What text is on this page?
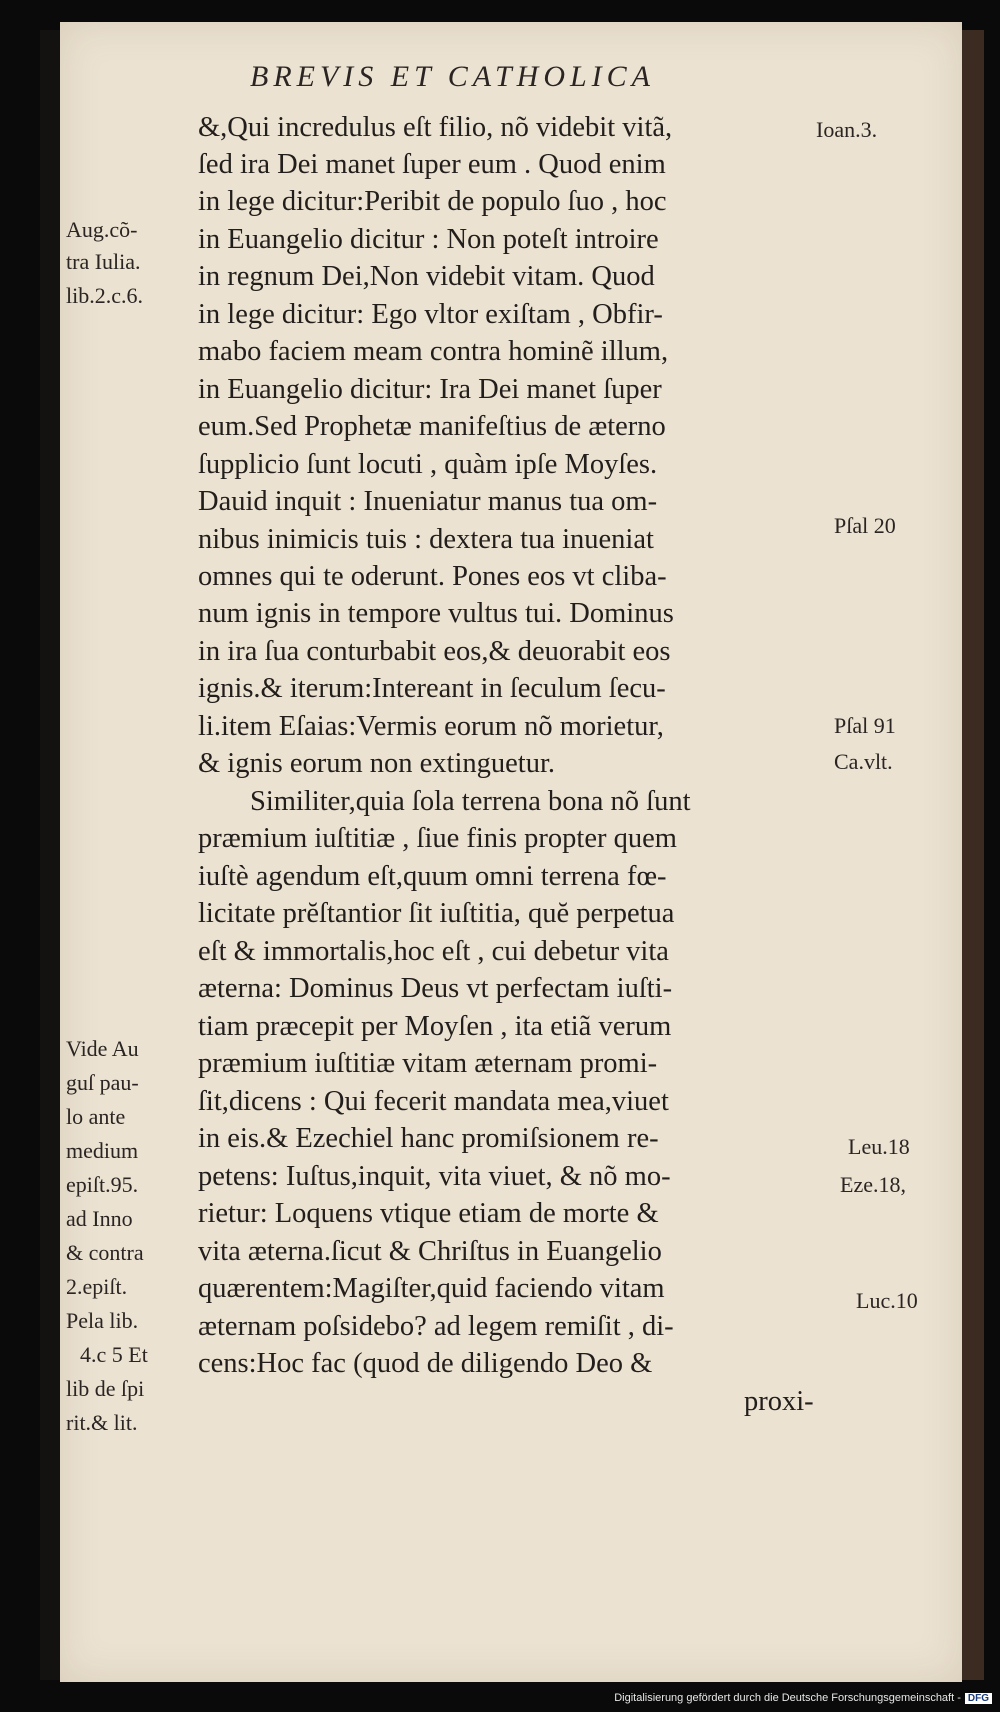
BREVIS ET CATHOLICA
&,Qui incredulus eſt filio, nõ videbit vitã,
ſed ira Dei manet ſuper eum . Quod enim
in lege dicitur:Peribit de populo ſuo , hoc
in Euangelio dicitur : Non poteſt introire
in regnum Dei,Non videbit vitam. Quod
in lege dicitur: Ego vltor exiſtam , Obfir-
mabo faciem meam contra hominẽ illum,
in Euangelio dicitur: Ira Dei manet ſuper
eum.Sed Prophetæ manifeſtius de æterno
ſupplicio ſunt locuti , quàm ipſe Moyſes.
Dauid inquit : Inueniatur manus tua om-
nibus inimicis tuis : dextera tua inueniat
omnes qui te oderunt. Pones eos vt cliba-
num ignis in tempore vultus tui. Dominus
in ira ſua conturbabit eos,& deuorabit eos
ignis.& iterum:Intereant in ſeculum ſecu-
li.item Eſaias:Vermis eorum nõ morietur,
& ignis eorum non extinguetur.
Similiter,quia ſola terrena bona nõ ſunt
præmium iuſtitiæ , ſiue finis propter quem
iuſtè agendum eſt,quum omni terrena fœ-
licitate prĕſtantior ſit iuſtitia, quĕ perpetua
eſt & immortalis,hoc eſt , cui debetur vita
æterna: Dominus Deus vt perfectam iuſti-
tiam præcepit per Moyſen , ita etiã verum
præmium iuſtitiæ vitam æternam promi-
ſit,dicens : Qui fecerit mandata mea,viuet
in eis.& Ezechiel hanc promiſsionem re-
petens: Iuſtus,inquit, vita viuet, & nõ mo-
rietur: Loquens vtique etiam de morte &
vita æterna.ſicut & Chriſtus in Euangelio
quærentem:Magiſter,quid faciendo vitam
æternam poſsidebo? ad legem remiſit , di-
cens:Hoc fac (quod de diligendo Deo &
proxi-
Aug.cõ-
tra Iulia.
lib.2.c.6.
Vide Au
guſ pau-
lo ante
medium
epiſt.95.
ad Inno
& contra
2.epiſt.
Pela lib.
4.c 5 Et
lib de ſpi
rit.& lit.
Ioan.3.
Pſal 20
Pſal 91
Ca.vlt.
Leu.18
Eze.18,
Luc.10
Digitalisierung gefördert durch die Deutsche Forschungsgemeinschaft - DFG
